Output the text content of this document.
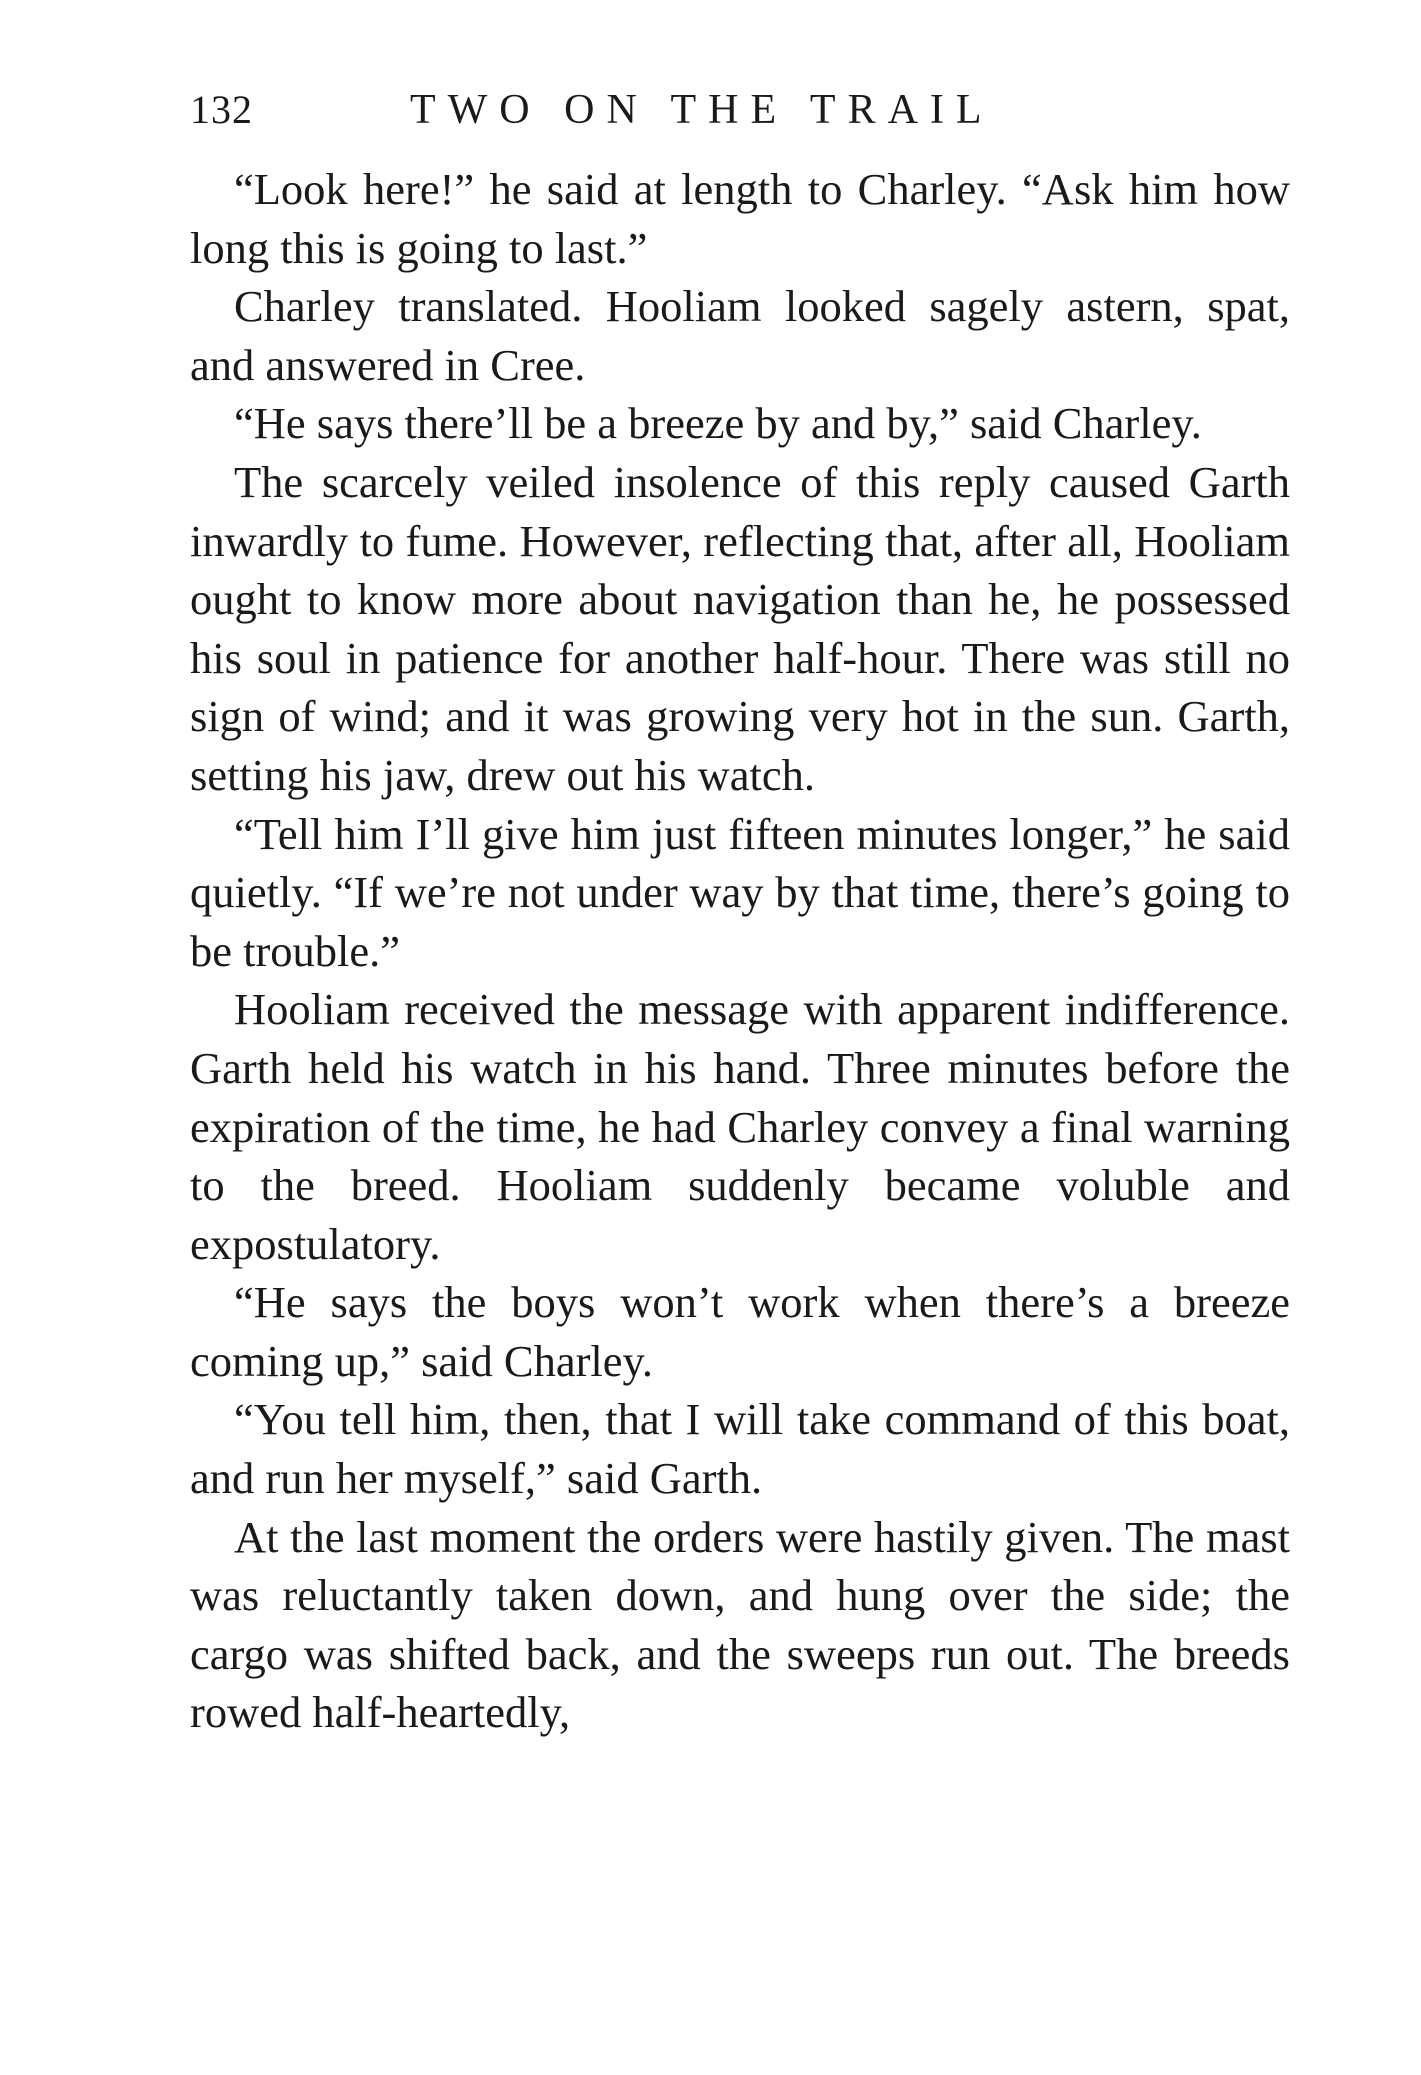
132	TWO ON THE TRAIL

“Look here!” he said at length to Charley. “Ask him how long this is going to last.”

Charley translated. Hooliam looked sagely astern, spat, and answered in Cree.

“He says there’ll be a breeze by and by,” said Charley.

The scarcely veiled insolence of this reply caused Garth inwardly to fume. However, reflecting that, after all, Hooliam ought to know more about navigation than he, he possessed his soul in patience for another half-hour. There was still no sign of wind; and it was growing very hot in the sun. Garth, setting his jaw, drew out his watch.

“Tell him I’ll give him just fifteen minutes longer,” he said quietly. “If we’re not under way by that time, there’s going to be trouble.”

Hooliam received the message with apparent indifference. Garth held his watch in his hand. Three minutes before the expiration of the time, he had Charley convey a final warning to the breed. Hooliam suddenly became voluble and expostulatory.

“He says the boys won’t work when there’s a breeze coming up,” said Charley.

“You tell him, then, that I will take command of this boat, and run her myself,” said Garth.

At the last moment the orders were hastily given. The mast was reluctantly taken down, and hung over the side; the cargo was shifted back, and the sweeps run out. The breeds rowed half-heartedly,
